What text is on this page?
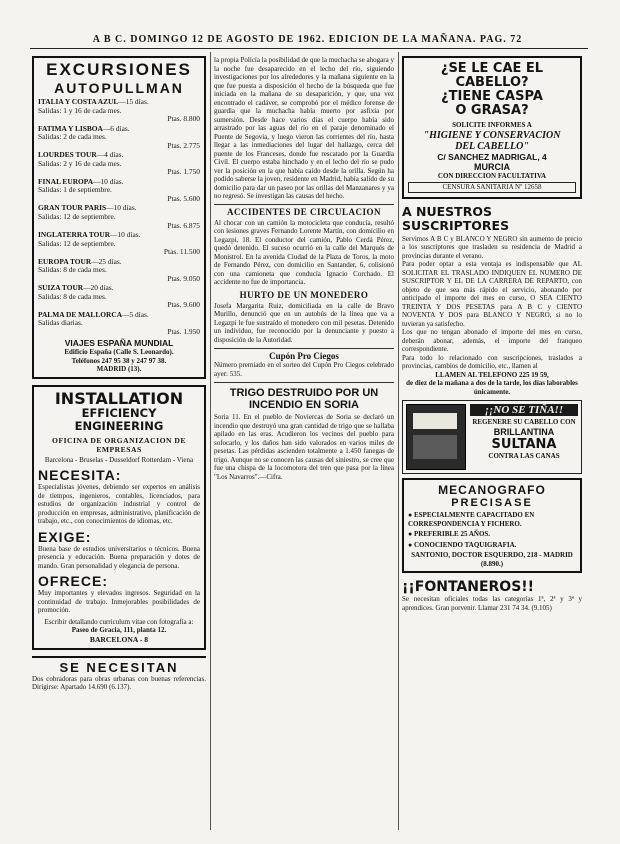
A B C. DOMINGO 12 DE AGOSTO DE 1962. EDICION DE LA MAÑANA. PAG. 72
EXCURSIONES
AUTOPULLMAN
ITALIA Y COSTA AZUL—15 días.
Salidas: 1 y 16 de cada mes.
Ptas. 8.800
FATIMA Y LISBOA—6 días.
Salidas: 2 de cada mes.
Ptas. 2.775
LOURDES TOUR—4 días.
Salidas: 2 y 16 de cada mes.
Ptas. 1.750
FINAL EUROPA—10 días.
Salidas: 1 de septiembre.
Ptas. 5.600
GRAN TOUR PARIS—10 días.
Salidas: 12 de septiembre.
Ptas. 6.875
INGLATERRA TOUR—10 días.
Salidas: 12 de septiembre.
Ptas. 11.500
EUROPA TOUR—25 días.
Salidas: 8 de cada mes.
Ptas. 9.050
SUIZA TOUR—20 días.
Salidas: 8 de cada mes.
Ptas. 9.600
PALMA DE MALLORCA—5 días.
Salidas diarias.
Ptas. 1.950
VIAJES ESPAÑA MUNDIAL
Edificio España (Calle S. Leonardo).
Teléfonos 247 95 38 y 247 97 38.
MADRID (13).
INSTALLATION
EFFICIENCY ENGINEERING
OFICINA DE ORGANIZACION DE EMPRESAS
Barcelona - Bruselas - Dusseldorf Rotterdam - Viena
NECESITA:

Especialistas jóvenes, debiendo ser expertos en análisis de tiempos, ingenieros, contables, licenciados, para estudios de organización industrial y control de producción en empresas, administrativo, planificación de trabajo, etc., con conocimientos de idiomas, etc.

EXIGE:

Buena base de estudios universitarios o técnicos. Buena presencia y educación. Buena preparación y dotes de mando. Gran personalidad y elegancia de persona.

OFRECE:

Muy importantes y elevados ingresos. Seguridad en la continuidad de trabajo. Inmejorables posibilidades de promoción.

Escribir detallando curriculum vitae con fotografía a:

Paseo de Gracia, 111, planta 12.

BARCELONA - 8

SE NECESITAN

Dos cobradoras para obras urbanas con buenas referencias. Dirigirse: Apartado 14.690 (6.137).

la propia Policía la posibilidad de que la muchacha se ahogara y la noche fue desaparecido en el lecho del río, siguiendo investigaciones por los alrededores y la mañana siguiente en la que fue puesta a disposición el hecho de la búsqueda que fue iniciada en la mañana de su desaparición, y que, una vez encontrado el cadáver, se comprobó por el médico forense de guardia que la muchacha había muerto por asfixia por sumersión. Desde hace varios días el cuerpo había sido arrastrado por las aguas del río en el paraje denominado el Puente de Segovia, y luego vieron las corrientes del río, hasta llegar a las inmediaciones del lugar del hallazgo, cerca del puente de los Franceses, donde fue rescatado por la Guardia Civil. El cuerpo estaba hinchado y en el lecho del río se pudo ver la posición en la que había caído desde la orilla. Según ha podido saberse la joven, residente en Madrid, había salido de su domicilio para dar un paseo por las orillas del Manzanares y ya no regresó. Se investigan las causas del hecho.

ACCIDENTES DE CIRCULACION

Al chocar con un camión la motocicleta que conducía, resultó con lesiones graves Fernando Lorente Martín, con domicilio en Legazpi, 18. El conductor del camión, Pablo Cerdá Pérez, quedó detenido. El suceso ocurrió en la calle del Marqués de Monistrol. En la avenida Ciudad de la Plaza de Toros, la moto de Fernando Pérez, con domicilio en Santander, 6, colisionó con una camioneta que conducía Ignacio Corchado. El accidente no fue de importancia.

HURTO DE UN MONEDERO

Josefa Margarita Ruiz, domiciliada en la calle de Bravo Murillo, denunció que en un autobús de la línea que va a Legazpi le fue sustraído el monedero con mil pesetas. Detenido un individuo, fue reconocido por la denunciante y puesto a disposición de la Autoridad.

Cupón Pro Ciegos

Número premiado en el sorteo del Cupón Pro Ciegos celebrado ayer: 535.

TRIGO DESTRUIDO POR UN INCENDIO EN SORIA

Soria 11. En el pueblo de Noviercas de Soria se declaró un incendio que destruyó una gran cantidad de trigo que se hallaba apilado en las eras. Acudieron los vecinos del pueblo para sofocarlo, y los daños han sido valorados en varios miles de pesetas. Las pérdidas ascienden totalmente a 1.450 fanegas de trigo. Aunque no se conocen las causas del siniestro, se cree que fue una chispa de la locomotora del tren que pasa por la línea "Los Navarros".—Cifra.

¿SE LE CAE EL
CABELLO?
¿TIENE CASPA
O GRASA?
SOLICITE INFORMES A
"HIGIENE Y CONSERVACION
DEL CABELLO"
C/ SANCHEZ MADRIGAL, 4
MURCIA
CON DIRECCION FACULTATIVA
CENSURA SANITARIA Nº 12658
A NUESTROS SUSCRIPTORES

Servimos A B C y BLANCO Y NEGRO sin aumento de precio a los suscriptores que trasladen su residencia de Madrid a provincias durante el verano.

Para poder optar a esta ventaja es indispensable que AL SOLICITAR EL TRASLADO INDIQUEN EL NUMERO DE SUSCRIPTOR Y EL DE LA CARRERA DE REPARTO, con objeto de que sea más rápido el servicio, abonando por anticipado el importe del mes en curso, O SEA CIENTO TREINTA Y DOS PESETAS para A B C y CIENTO NOVENTA Y DOS para BLANCO Y NEGRO, si no lo tuvieran ya satisfecho.

Los que no tengan abonado el importe del mes en curso, deberán abonar, además, el importe del franqueo correspondiente.

Para todo lo relacionado con suscripciones, traslados a provincias, cambios de domicilio, etc., llamen al

LLAMEN AL TELEFONO 225 19 59,

de diez de la mañana a dos de la tarde, los días laborables únicamente.

¡¡NO SE TIÑA!!
REGENERE SU CABELLO CON
BRILLANTINA
SULTANA
CONTRA LAS CANAS
MECANOGRAFO
PRECISASE
● ESPECIALMENTE CAPACITADO EN CORRESPONDENCIA Y FICHERO.
● PREFERIBLE 25 AÑOS.
● CONOCIENDO TAQUIGRAFIA.

SANTONIO, DOCTOR ESQUERDO, 218 - MADRID (8.890.)

¡¡FONTANEROS!!

Se necesitan oficiales todas las categorías 1ª, 2ª y 3ª y aprendices. Gran porvenir. Llamar 231 74 34. (9.105)
